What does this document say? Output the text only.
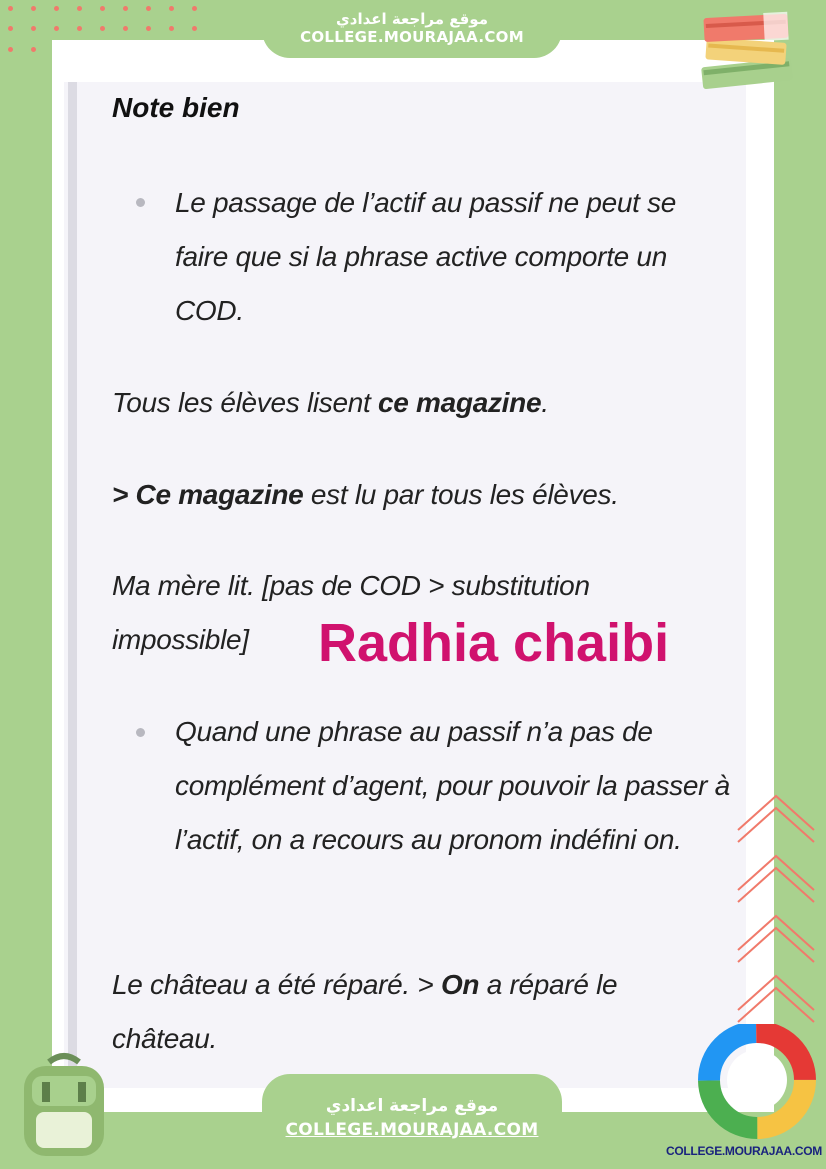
موقع مراجعة اعدادي
COLLEGE.MOURAJAA.COM
Note bien
Le passage de l’actif au passif ne peut se faire que si la phrase active comporte un COD.
Tous les élèves lisent ce magazine.
> Ce magazine est lu par tous les élèves.
Ma mère lit. [pas de COD > substitution
impossible] Radhia chaibi
Quand une phrase au passif n’a pas de complément d’agent, pour pouvoir la passer à l’actif, on a recours au pronom indéfini on.
Le château a été réparé. > On a réparé le château.
موقع مراجعة اعدادي
COLLEGE.MOURAJAA.COM
COLLEGE.MOURAJAA.COM
